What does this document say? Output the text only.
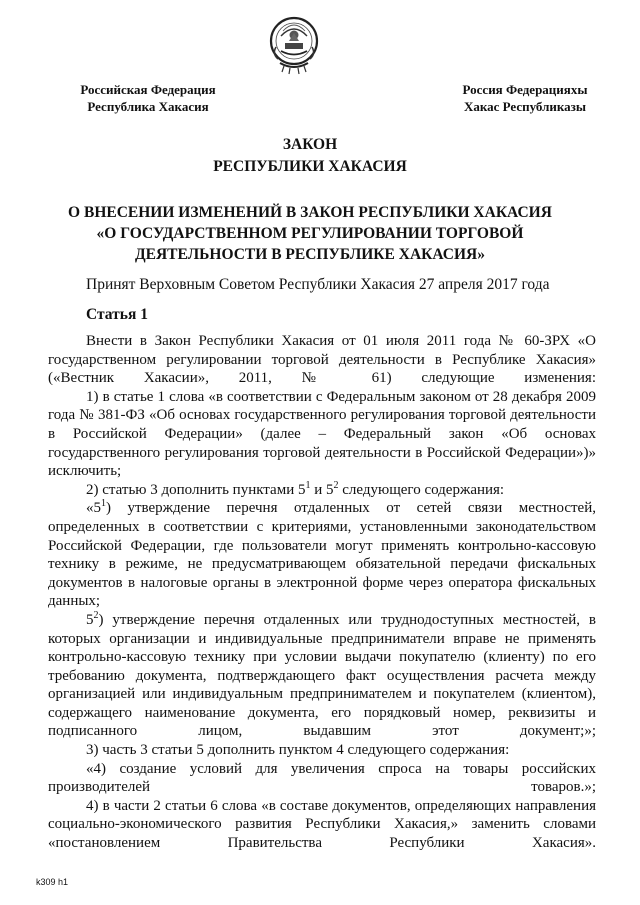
Российская Федерация
Республика Хакасия
Россия Федерацияхы
Хакас Республиказы
ЗАКОН
РЕСПУБЛИКИ ХАКАСИЯ
О ВНЕСЕНИИ ИЗМЕНЕНИЙ В ЗАКОН РЕСПУБЛИКИ ХАКАСИЯ
«О ГОСУДАРСТВЕННОМ РЕГУЛИРОВАНИИ ТОРГОВОЙ
ДЕЯТЕЛЬНОСТИ В РЕСПУБЛИКЕ ХАКАСИЯ»
Принят Верховным Советом Республики Хакасия 27 апреля 2017 года
Статья 1

Внести в Закон Республики Хакасия от 01 июля 2011 года № 60-ЗРХ «О государственном регулировании торговой деятельности в Республике Хакасия» («Вестник Хакасии», 2011, № 61) следующие изменения:

1) в статье 1 слова «в соответствии с Федеральным законом от 28 декабря 2009 года № 381-ФЗ «Об основах государственного регулирования торговой деятельности в Российской Федерации» (далее – Федеральный закон «Об основах государственного регулирования торговой деятельности в Российской Федерации»)» исключить;

2) статью 3 дополнить пунктами $5^1$ и $5^2$ следующего содержания:

«$5^1$) утверждение перечня отдаленных от сетей связи местностей, определенных в соответствии с критериями, установленными законодательством Российской Федерации, где пользователи могут применять контрольно-кассовую технику в режиме, не предусматривающем обязательной передачи фискальных документов в налоговые органы в электронной форме через оператора фискальных данных;

$5^2$) утверждение перечня отдаленных или труднодоступных местностей, в которых организации и индивидуальные предприниматели вправе не применять контрольно-кассовую технику при условии выдачи покупателю (клиенту) по его требованию документа, подтверждающего факт осуществления расчета между организацией или индивидуальным предпринимателем и покупателем (клиентом), содержащего наименование документа, его порядковый номер, реквизиты и подписанного лицом, выдавшим этот документ;»;

3) часть 3 статьи 5 дополнить пунктом 4 следующего содержания:

«4) создание условий для увеличения спроса на товары российских производителей товаров.»;

4) в части 2 статьи 6 слова «в составе документов, определяющих направления социально-экономического развития Республики Хакасия,» заменить словами «постановлением Правительства Республики Хакасия».

k309 h1
